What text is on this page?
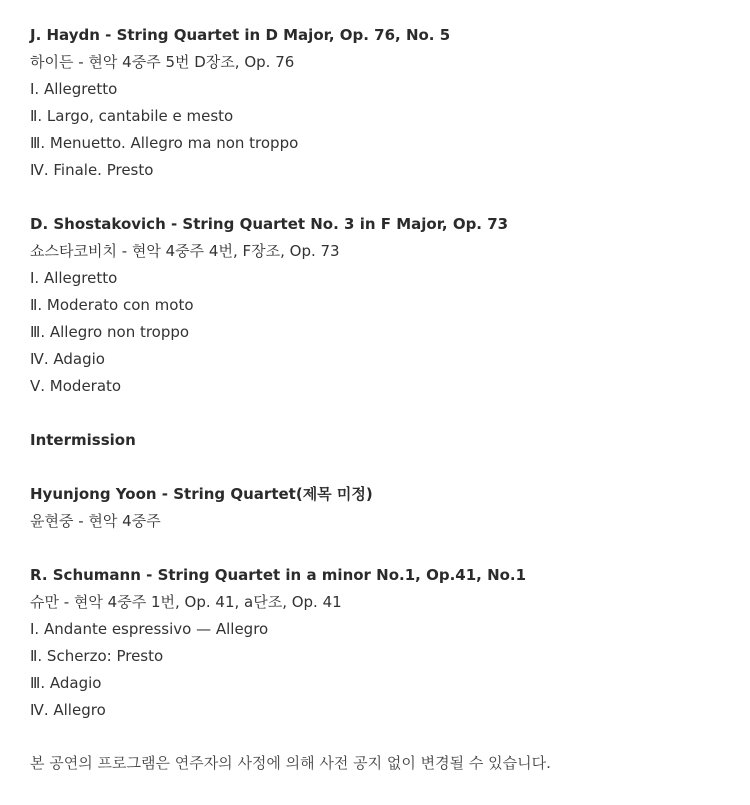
J. Haydn - String Quartet in D Major, Op. 76, No. 5
하이든 - 현악 4중주 5번 D장조, Op. 76
Ⅰ. Allegretto
Ⅱ. Largo, cantabile e mesto
Ⅲ. Menuetto. Allegro ma non troppo
Ⅳ. Finale. Presto
D. Shostakovich - String Quartet No. 3 in F Major, Op. 73
쇼스타코비치 - 현악 4중주 4번, F장조, Op. 73
Ⅰ. Allegretto
Ⅱ. Moderato con moto
Ⅲ. Allegro non troppo
Ⅳ. Adagio
Ⅴ. Moderato
Intermission
Hyunjong Yoon - String Quartet(제목 미정)
윤현중 - 현악 4중주
R. Schumann - String Quartet in a minor No.1, Op.41, No.1
슈만 - 현악 4중주 1번, Op. 41, a단조, Op. 41
Ⅰ. Andante espressivo — Allegro
Ⅱ. Scherzo: Presto
Ⅲ. Adagio
Ⅳ. Allegro
본 공연의 프로그램은 연주자의 사정에 의해 사전 공지 없이 변경될 수 있습니다.
